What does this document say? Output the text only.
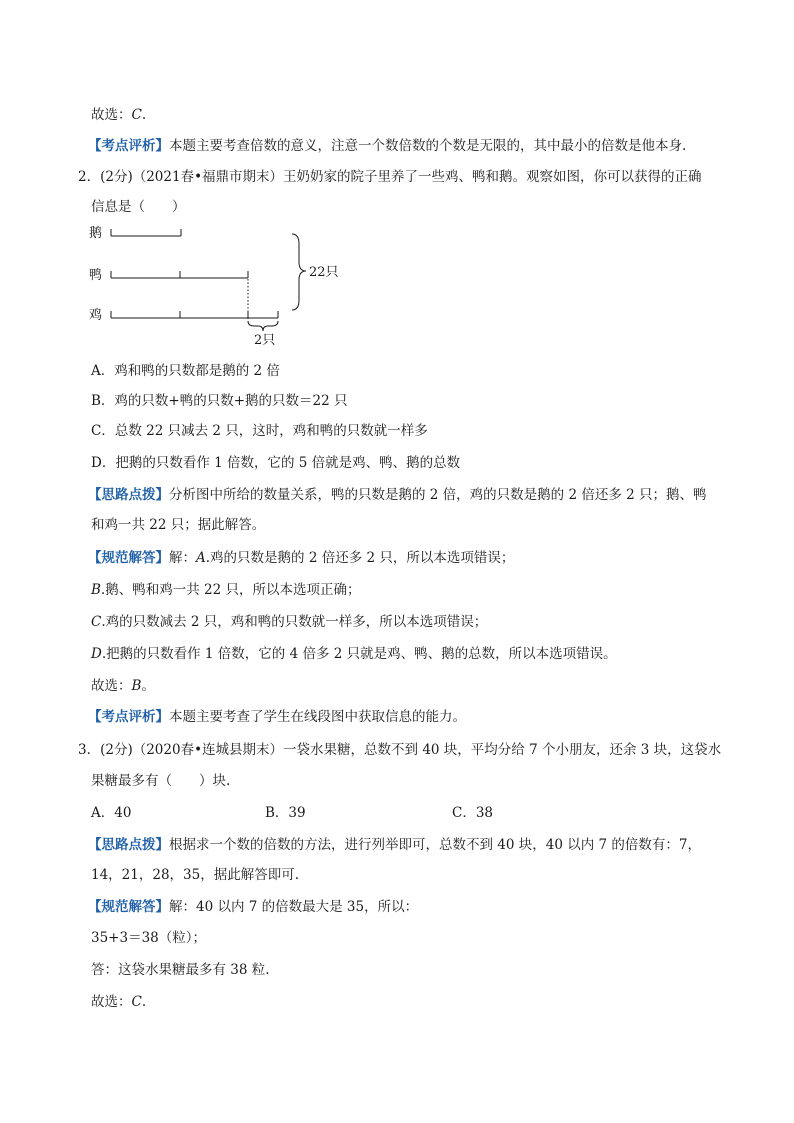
故选：C.
【考点评析】本题主要考查倍数的意义，注意一个数倍数的个数是无限的，其中最小的倍数是他本身.
2．(2分)（2021春•福鼎市期末）王奶奶家的院子里养了一些鸡、鸭和鹅。观察如图，你可以获得的正确
信息是（　　）
鹅
鸭
鸡
2只
22只
A．鸡和鸭的只数都是鹅的 2 倍
B．鸡的只数+鸭的只数+鹅的只数＝22 只
C．总数 22 只减去 2 只，这时，鸡和鸭的只数就一样多
D．把鹅的只数看作 1 倍数，它的 5 倍就是鸡、鸭、鹅的总数
【思路点拨】分析图中所给的数量关系，鸭的只数是鹅的 2 倍，鸡的只数是鹅的 2 倍还多 2 只；鹅、鸭
和鸡一共 22 只；据此解答。
【规范解答】解：A.鸡的只数是鹅的 2 倍还多 2 只，所以本选项错误；
B.鹅、鸭和鸡一共 22 只，所以本选项正确；
C.鸡的只数减去 2 只，鸡和鸭的只数就一样多，所以本选项错误；
D.把鹅的只数看作 1 倍数，它的 4 倍多 2 只就是鸡、鸭、鹅的总数，所以本选项错误。
故选：B。
【考点评析】本题主要考查了学生在线段图中获取信息的能力。
3．(2分)（2020春•连城县期末）一袋水果糖，总数不到 40 块，平均分给 7 个小朋友，还余 3 块，这袋水
果糖最多有（　　）块.
A．40	B．39	C．38
【思路点拨】根据求一个数的倍数的方法，进行列举即可，总数不到 40 块，40 以内 7 的倍数有：7，
14，21，28，35，据此解答即可.
【规范解答】解：40 以内 7 的倍数最大是 35，所以：
35+3＝38（粒）；
答：这袋水果糖最多有 38 粒.
故选：C.
